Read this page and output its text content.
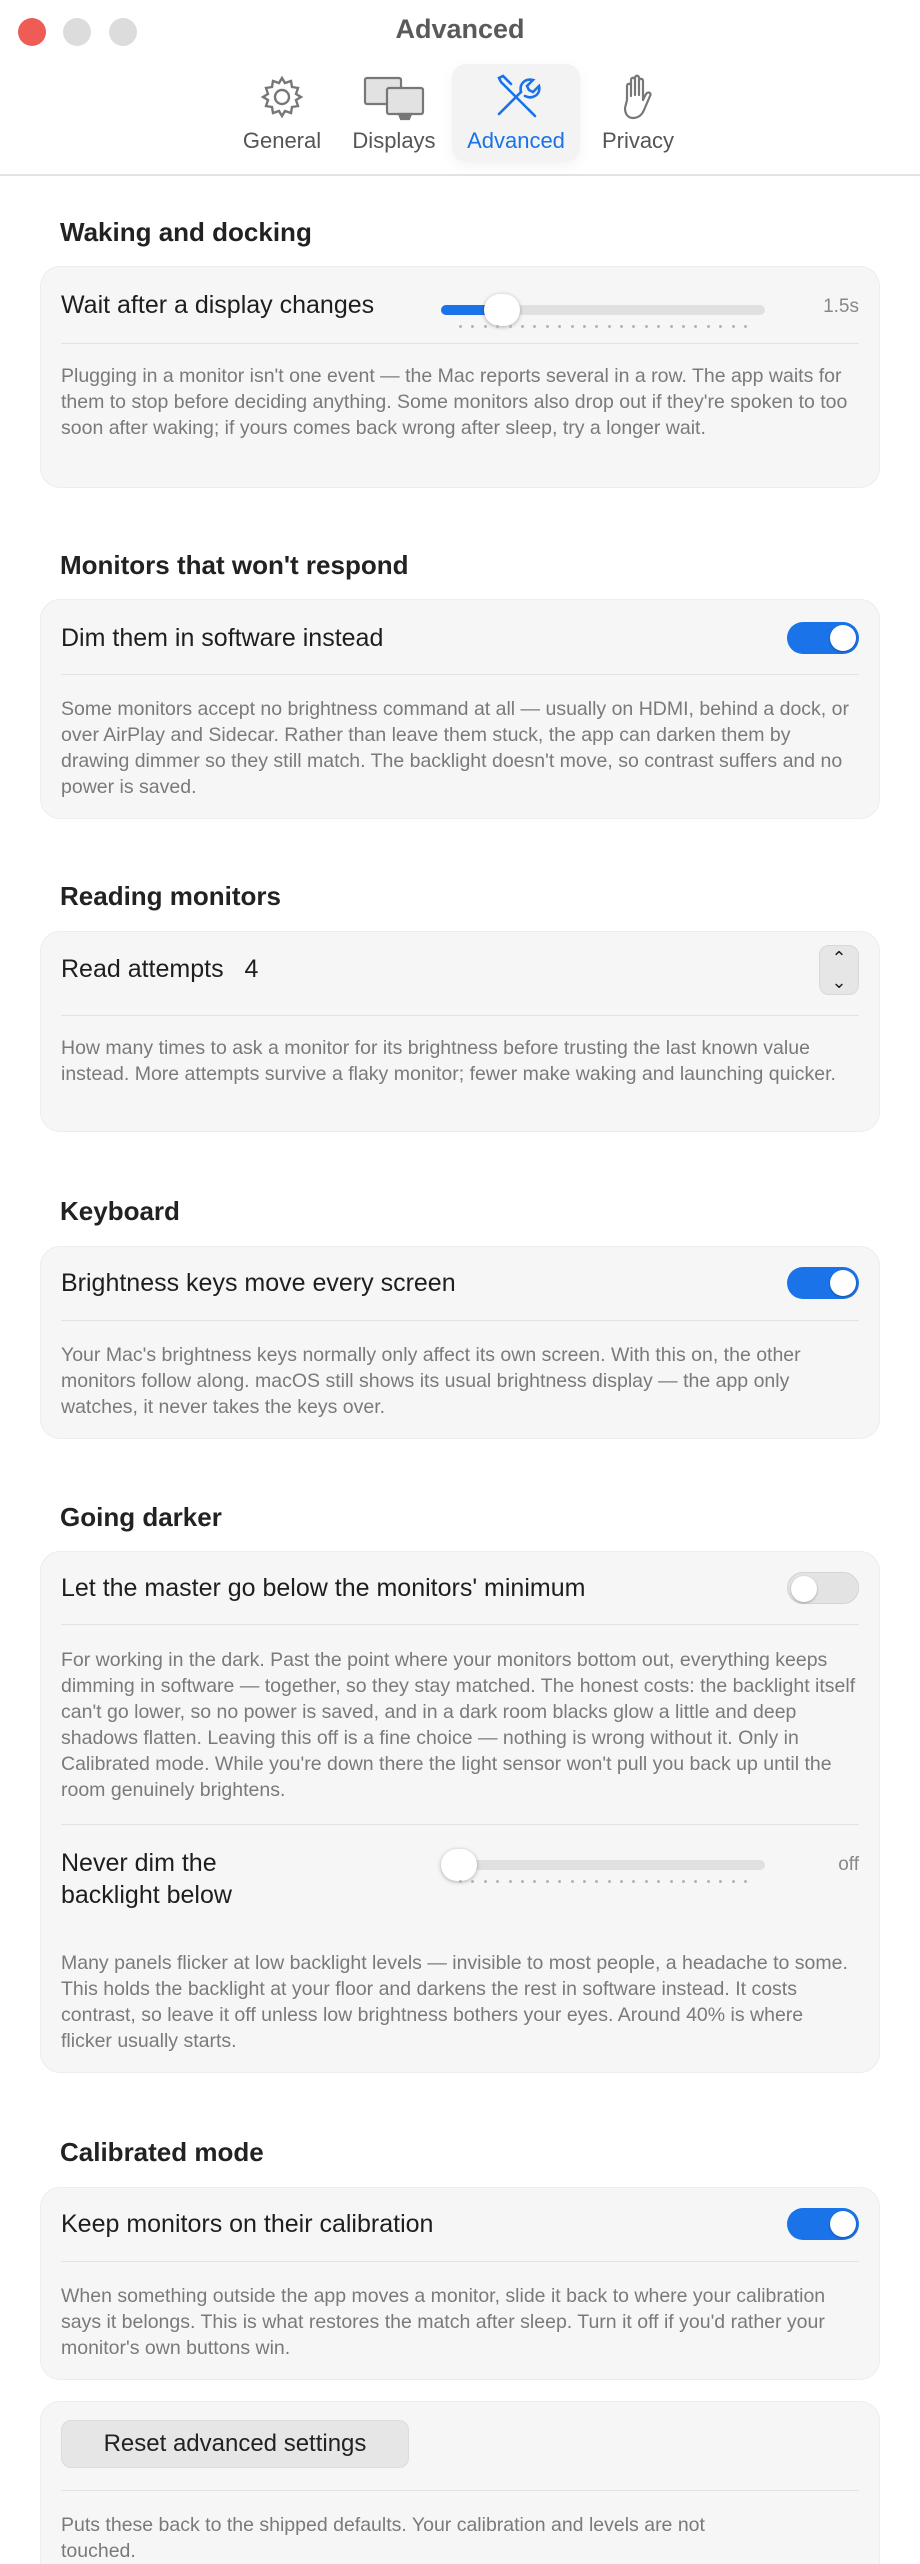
Advanced
General	Displays	Advanced	Privacy
Waking and docking
Wait after a display changes	1.5s
Plugging in a monitor isn't one event — the Mac reports several in a row. The app waits for them to stop before deciding anything. Some monitors also drop out if they're spoken to too soon after waking; if yours comes back wrong after sleep, try a longer wait.
Monitors that won't respond
Dim them in software instead
Some monitors accept no brightness command at all — usually on HDMI, behind a dock, or over AirPlay and Sidecar. Rather than leave them stuck, the app can darken them by drawing dimmer so they still match. The backlight doesn't move, so contrast suffers and no power is saved.
Reading monitors
Read attempts 4	⌃
⌄
How many times to ask a monitor for its brightness before trusting the last known value instead. More attempts survive a flaky monitor; fewer make waking and launching quicker.
Keyboard
Brightness keys move every screen
Your Mac's brightness keys normally only affect its own screen. With this on, the other monitors follow along. macOS still shows its usual brightness display — the app only watches, it never takes the keys over.
Going darker
Let the master go below the monitors' minimum
For working in the dark. Past the point where your monitors bottom out, everything keeps dimming in software — together, so they stay matched. The honest costs: the backlight itself can't go lower, so no power is saved, and in a dark room blacks glow a little and deep shadows flatten. Leaving this off is a fine choice — nothing is wrong without it. Only in Calibrated mode. While you're down there the light sensor won't pull you back up until the room genuinely brightens.
Never dim the
backlight below
off
Many panels flicker at low backlight levels — invisible to most people, a headache to some. This holds the backlight at your floor and darkens the rest in software instead. It costs contrast, so leave it off unless low brightness bothers your eyes. Around 40% is where flicker usually starts.
Calibrated mode
Keep monitors on their calibration
When something outside the app moves a monitor, slide it back to where your calibration says it belongs. This is what restores the match after sleep. Turn it off if you'd rather your monitor's own buttons win.
Reset advanced settings
Puts these back to the shipped defaults. Your calibration and levels are not touched.
